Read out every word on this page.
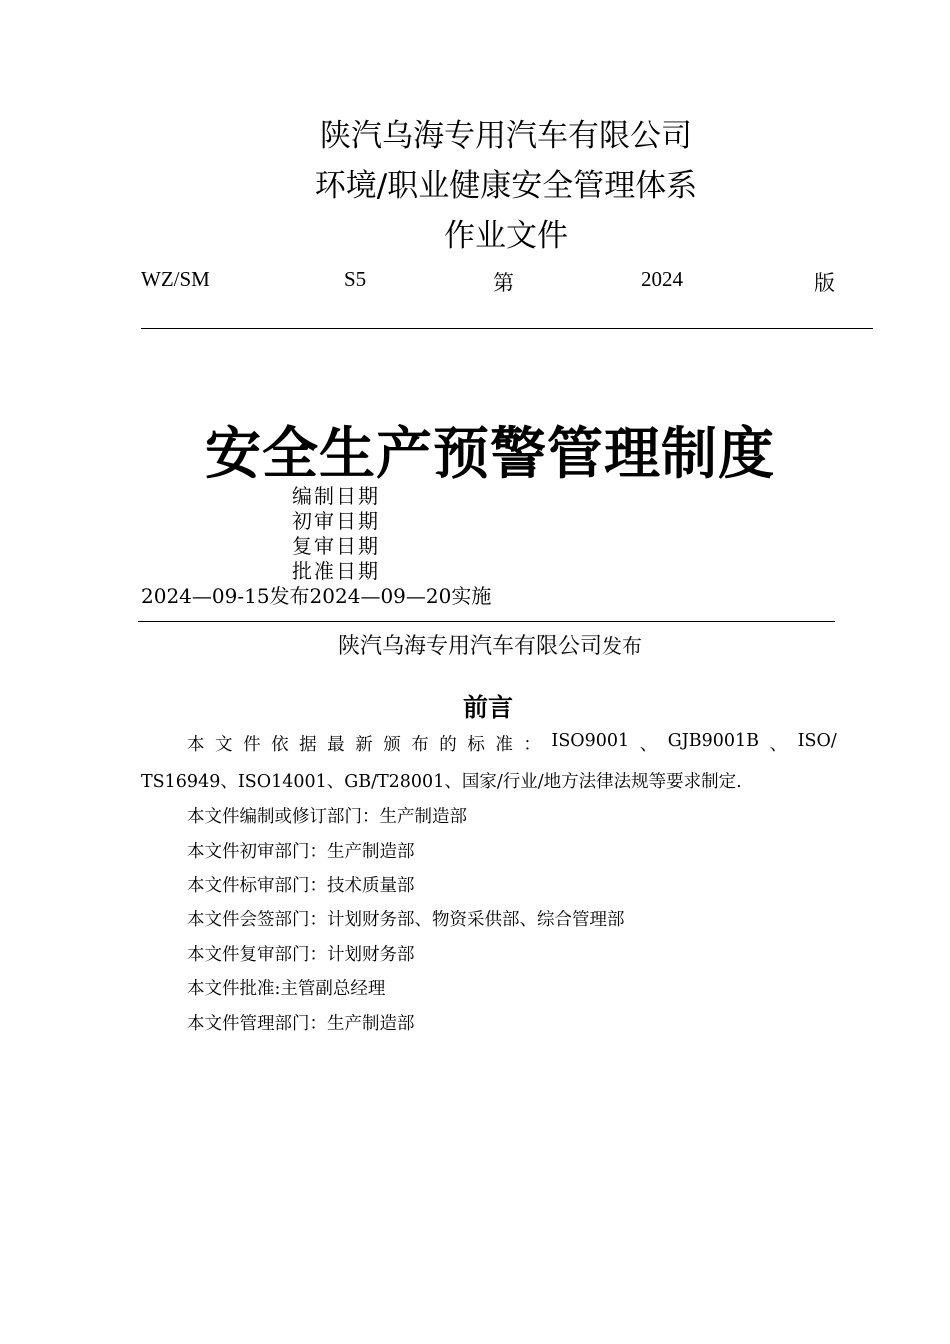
陕汽乌海专用汽车有限公司
环境/职业健康安全管理体系
作业文件
WZ/SM	S5	第	2024	版
安全生产预警管理制度
编制日期
初审日期
复审日期
批准日期
2024—09-15发布2024—09—20实施
陕汽乌海专用汽车有限公司发布
前言
本 文 件 依 据 最 新 颁 布 的 标 准 ： ISO9001 、 GJB9001B 、 ISO/
TS16949、ISO14001、GB/T28001、国家/行业/地方法律法规等要求制定.
本文件编制或修订部门：生产制造部
本文件初审部门：生产制造部
本文件标审部门：技术质量部
本文件会签部门：计划财务部、物资采供部、综合管理部
本文件复审部门：计划财务部
本文件批准:主管副总经理
本文件管理部门：生产制造部
